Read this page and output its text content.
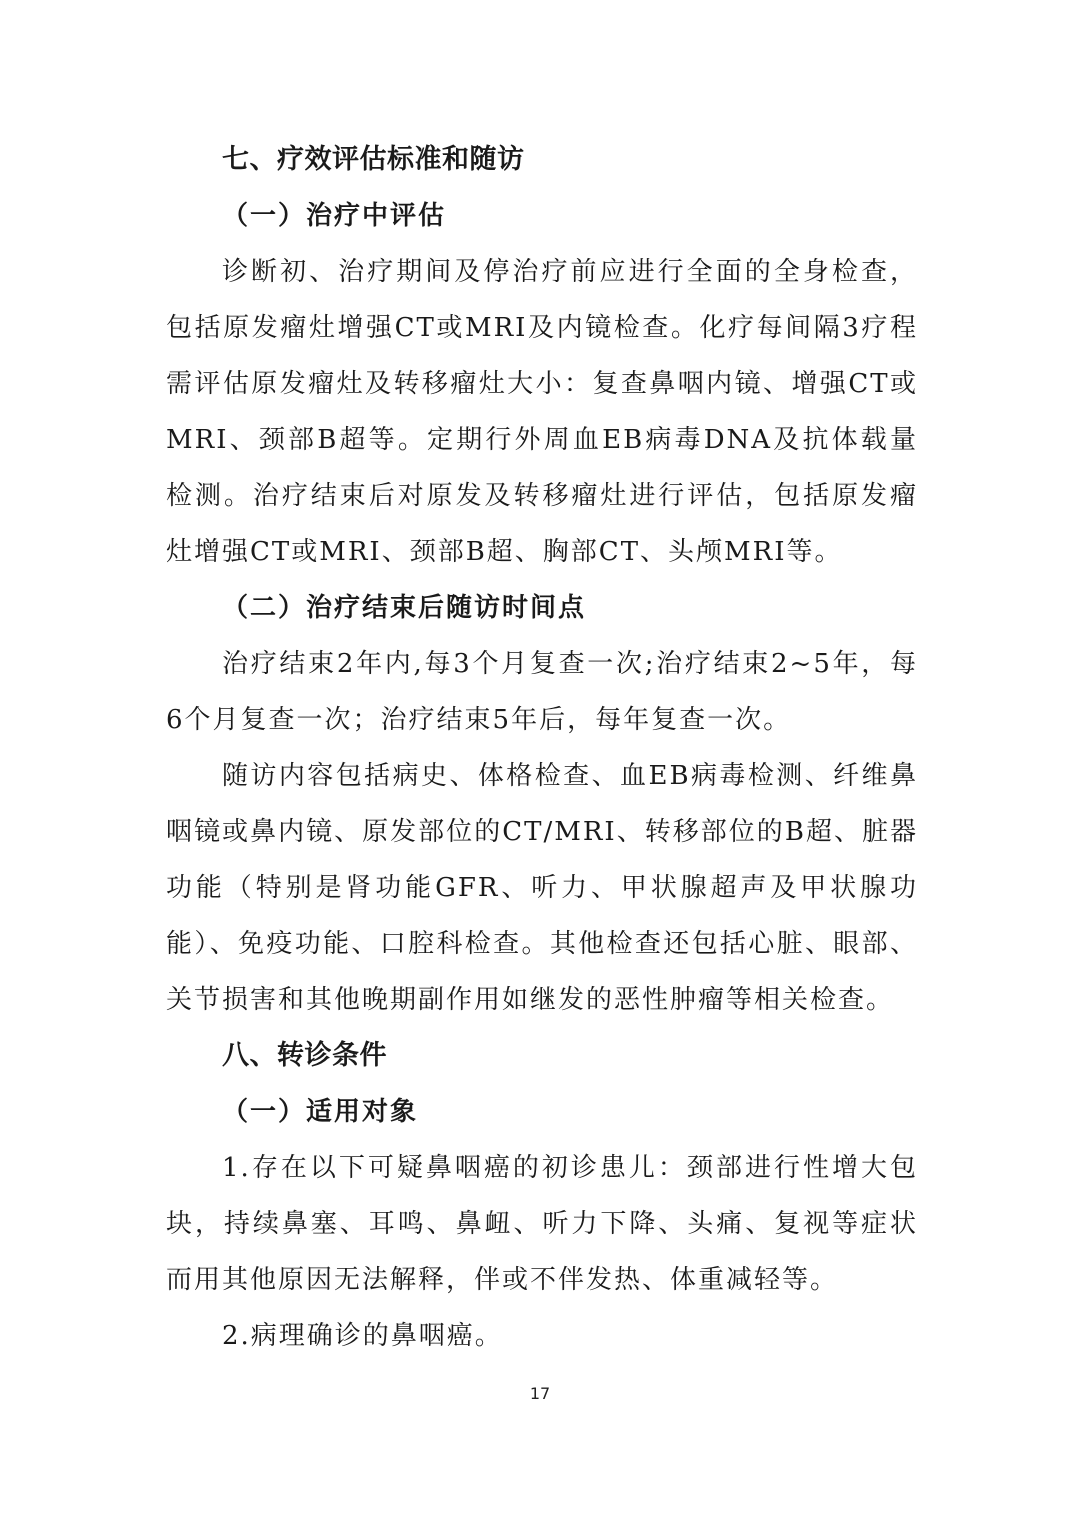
七、疗效评估标准和随访
（一）治疗中评估

诊断初、治疗期间及停治疗前应进行全面的全身检查，包括原发瘤灶增强CT或MRI及内镜检查。化疗每间隔3疗程需评估原发瘤灶及转移瘤灶大小：复查鼻咽内镜、增强CT或MRI、颈部B超等。定期行外周血EB病毒DNA及抗体载量检测。治疗结束后对原发及转移瘤灶进行评估，包括原发瘤灶增强CT或MRI、颈部B超、胸部CT、头颅MRI等。

（二）治疗结束后随访时间点

治疗结束2年内,每3个月复查一次;治疗结束2~5年，每6个月复查一次；治疗结束5年后，每年复查一次。

随访内容包括病史、体格检查、血EB病毒检测、纤维鼻咽镜或鼻内镜、原发部位的CT/MRI、转移部位的B超、脏器功能（特别是肾功能GFR、听力、甲状腺超声及甲状腺功能）、免疫功能、口腔科检查。其他检查还包括心脏、眼部、关节损害和其他晚期副作用如继发的恶性肿瘤等相关检查。

八、转诊条件
（一）适用对象

1.存在以下可疑鼻咽癌的初诊患儿：颈部进行性增大包块，持续鼻塞、耳鸣、鼻衄、听力下降、头痛、复视等症状而用其他原因无法解释，伴或不伴发热、体重减轻等。

2.病理确诊的鼻咽癌。

17
